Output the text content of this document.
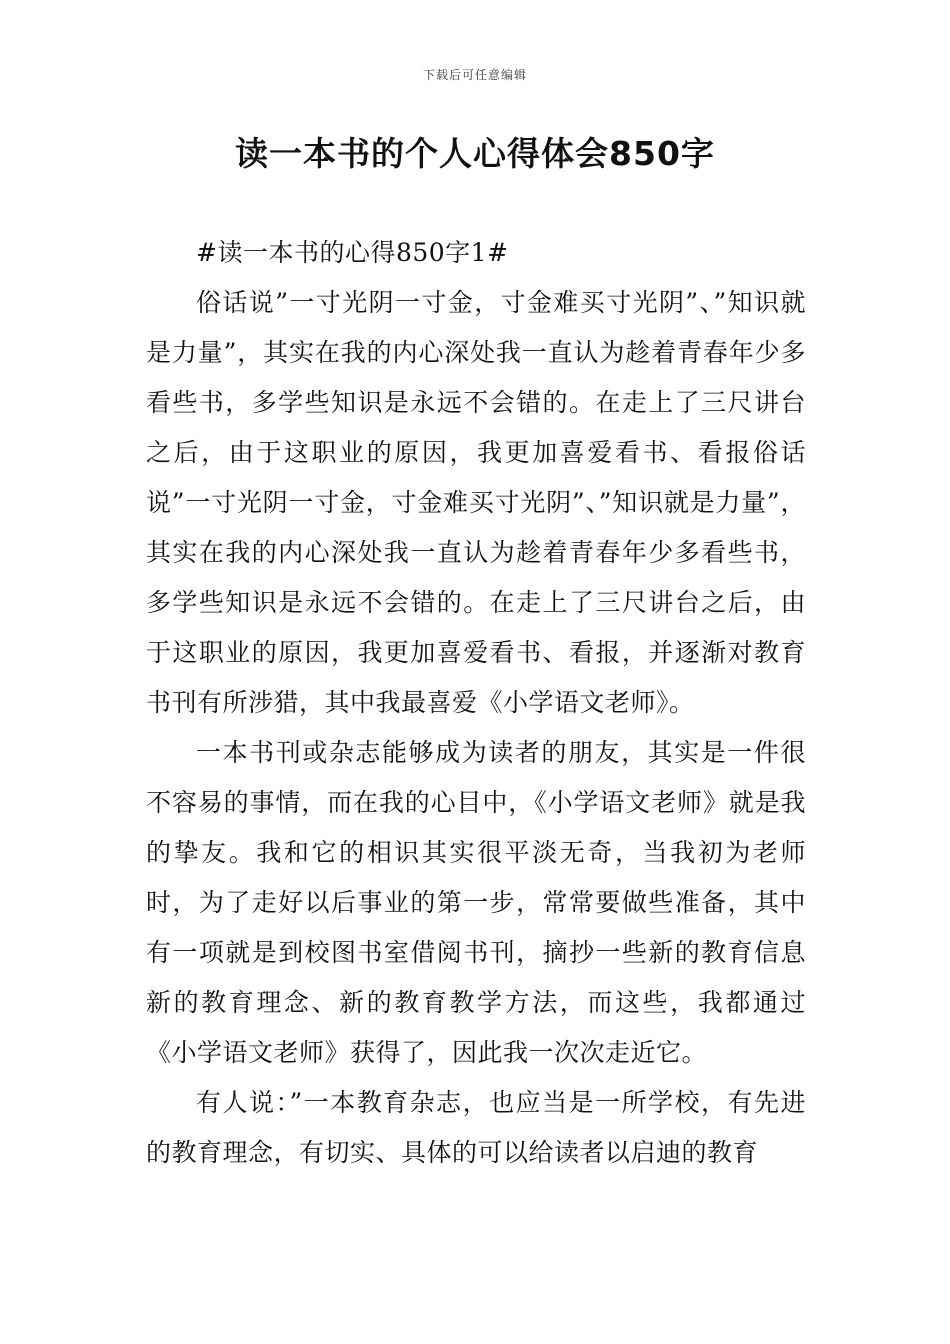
下载后可任意编辑
读一本书的个人心得体会850字

#读一本书的心得850字1#

俗话说”一寸光阴一寸金，寸金难买寸光阴”、”知识就是力量”，其实在我的内心深处我一直认为趁着青春年少多看些书，多学些知识是永远不会错的。在走上了三尺讲台之后，由于这职业的原因，我更加喜爱看书、看报俗话说”一寸光阴一寸金，寸金难买寸光阴”、”知识就是力量”，其实在我的内心深处我一直认为趁着青春年少多看些书，多学些知识是永远不会错的。在走上了三尺讲台之后，由于这职业的原因，我更加喜爱看书、看报，并逐渐对教育书刊有所涉猎，其中我最喜爱《小学语文老师》。

一本书刊或杂志能够成为读者的朋友，其实是一件很不容易的事情，而在我的心目中，《小学语文老师》就是我的挚友。我和它的相识其实很平淡无奇，当我初为老师时，为了走好以后事业的第一步，常常要做些准备，其中有一项就是到校图书室借阅书刊，摘抄一些新的教育信息新的教育理念、新的教育教学方法，而这些，我都通过《小学语文老师》获得了，因此我一次次走近它。

有人说：”一本教育杂志，也应当是一所学校，有先进的教育理念，有切实、具体的可以给读者以启迪的教育
